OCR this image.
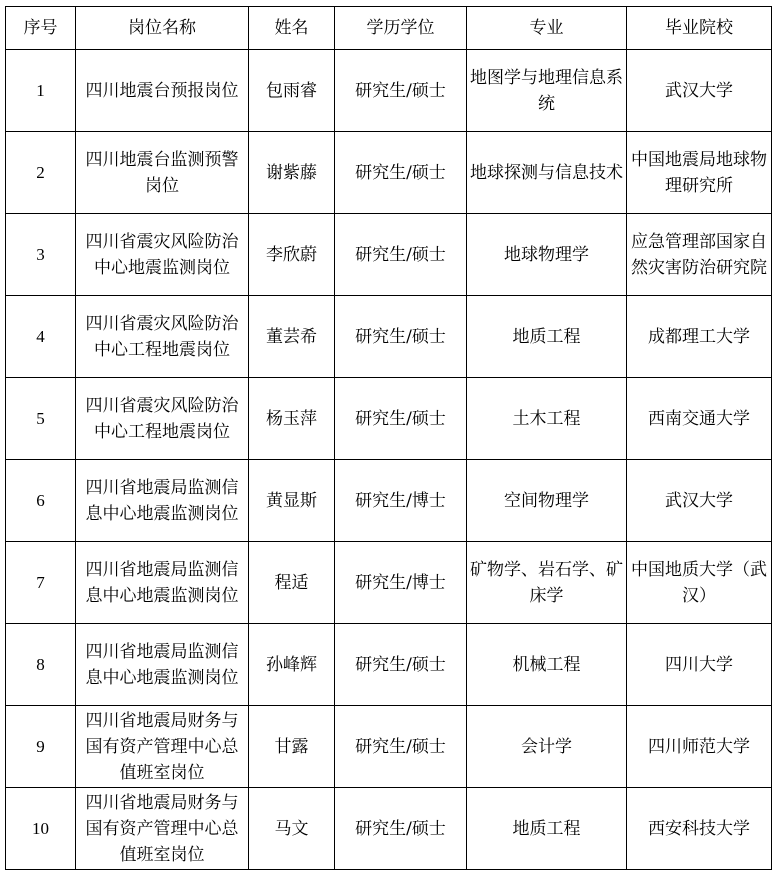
序号	岗位名称	姓名	学历学位	专业	毕业院校
1	四川地震台预报岗位	包雨睿	研究生/硕士	地图学与地理信息系统	武汉大学

2	四川地震台监测预警岗位	谢紫藤	研究生/硕士	地球探测与信息技术	中国地震局地球物理研究所

3	四川省震灾风险防治中心地震监测岗位	李欣蔚	研究生/硕士	地球物理学	应急管理部国家自然灾害防治研究院

4	四川省震灾风险防治中心工程地震岗位	董芸希	研究生/硕士	地质工程	成都理工大学

5	四川省震灾风险防治中心工程地震岗位	杨玉萍	研究生/硕士	土木工程	西南交通大学

6	四川省地震局监测信息中心地震监测岗位	黄显斯	研究生/博士	空间物理学	武汉大学

7	四川省地震局监测信息中心地震监测岗位	程适	研究生/博士	矿物学、岩石学、矿床学	中国地质大学（武汉）

8	四川省地震局监测信息中心地震监测岗位	孙峰辉	研究生/硕士	机械工程	四川大学

9	四川省地震局财务与国有资产管理中心总值班室岗位	甘露	研究生/硕士	会计学	四川师范大学

10	四川省地震局财务与国有资产管理中心总值班室岗位	马文	研究生/硕士	地质工程	西安科技大学
